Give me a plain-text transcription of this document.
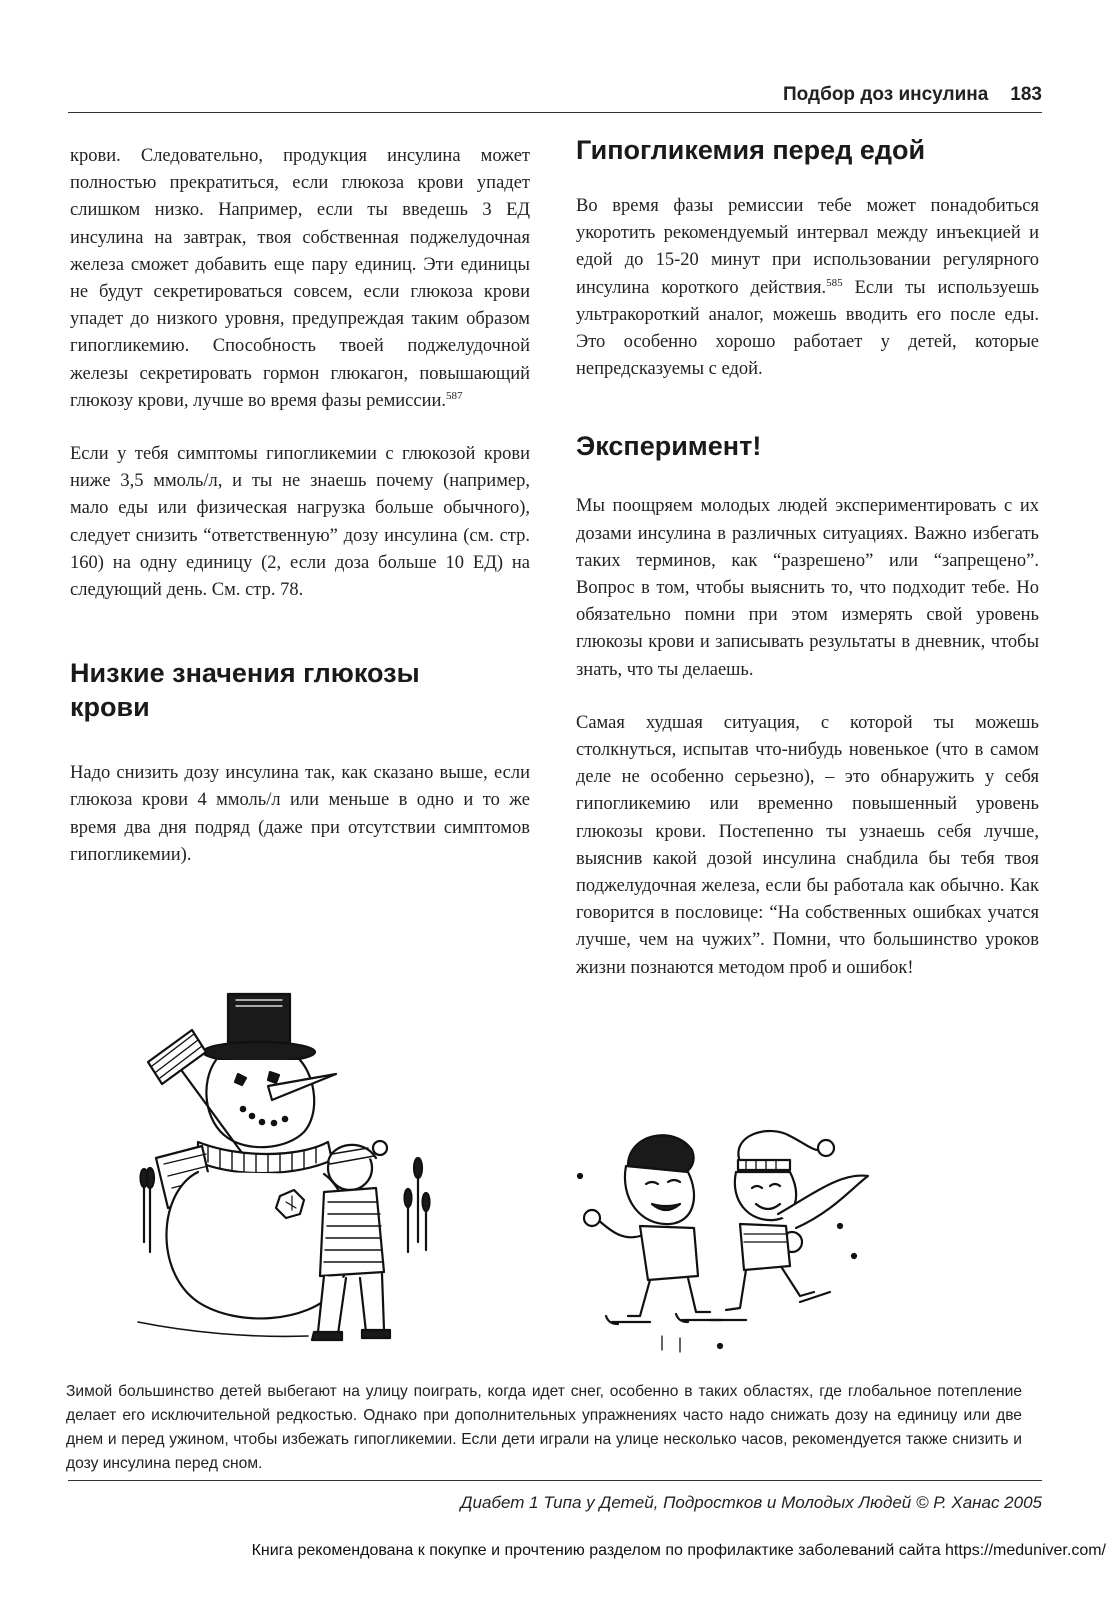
Подбор доз инсулина 183

крови. Следовательно, продукция инсулина может полностью прекратиться, если глюкоза крови упадет слишком низко. Например, если ты введешь 3 ЕД инсулина на завтрак, твоя собственная поджелудочная железа сможет добавить еще пару единиц. Эти единицы не будут секретироваться совсем, если глюкоза крови упадет до низкого уровня, предупреждая таким образом гипогликемию. Способность твоей поджелудочной железы секретировать гормон глюкагон, повышающий глюкозу крови, лучше во время фазы ремиссии.$^{587}$

Если у тебя симптомы гипогликемии с глюкозой крови ниже 3,5 ммоль/л, и ты не знаешь почему (например, мало еды или физическая нагрузка больше обычного), следует снизить “ответственную” дозу инсулина (см. стр. 160) на одну единицу (2, если доза больше 10 ЕД) на следующий день. См. стр. 78.

Низкие значения глюкозы крови

Надо снизить дозу инсулина так, как сказано выше, если глюкоза крови 4 ммоль/л или меньше в одно и то же время два дня подряд (даже при отсутствии симптомов гипогликемии).

Гипогликемия перед едой

Во время фазы ремиссии тебе может понадобиться укоротить рекомендуемый интервал между инъекцией и едой до 15-20 минут при использовании регулярного инсулина короткого действия.$^{585}$ Если ты используешь ультракороткий аналог, можешь вводить его после еды. Это особенно хорошо работает у детей, которые непредсказуемы с едой.

Эксперимент!

Мы поощряем молодых людей экспериментировать с их дозами инсулина в различных ситуациях. Важно избегать таких терминов, как “разрешено” или “запрещено”. Вопрос в том, чтобы выяснить то, что подходит тебе. Но обязательно помни при этом измерять свой уровень глюкозы крови и записывать результаты в дневник, чтобы знать, что ты делаешь.

Самая худшая ситуация, с которой ты можешь столкнуться, испытав что-нибудь новенькое (что в самом деле не особенно серьезно), – это обнаружить у себя гипогликемию или временно повышенный уровень глюкозы крови. Постепенно ты узнаешь себя лучше, выяснив какой дозой инсулина снабдила бы тебя твоя поджелудочная железа, если бы работала как обычно. Как говорится в пословице: “На собственных ошибках учатся лучше, чем на чужих”. Помни, что большинство уроков жизни познаются методом проб и ошибок!

Зимой большинство детей выбегают на улицу поиграть, когда идет снег, особенно в таких областях, где глобальное потепление делает его исключительной редкостью. Однако при дополнительных упражнениях часто надо снижать дозу на единицу или две днем и перед ужином, чтобы избежать гипогликемии. Если дети играли на улице несколько часов, рекомендуется также снизить и дозу инсулина перед сном.
Диабет 1 Типа у Детей, Подростков и Молодых Людей © Р. Ханас 2005
Книга рекомендована к покупке и прочтению разделом по профилактике заболеваний сайта https://meduniver.com/
